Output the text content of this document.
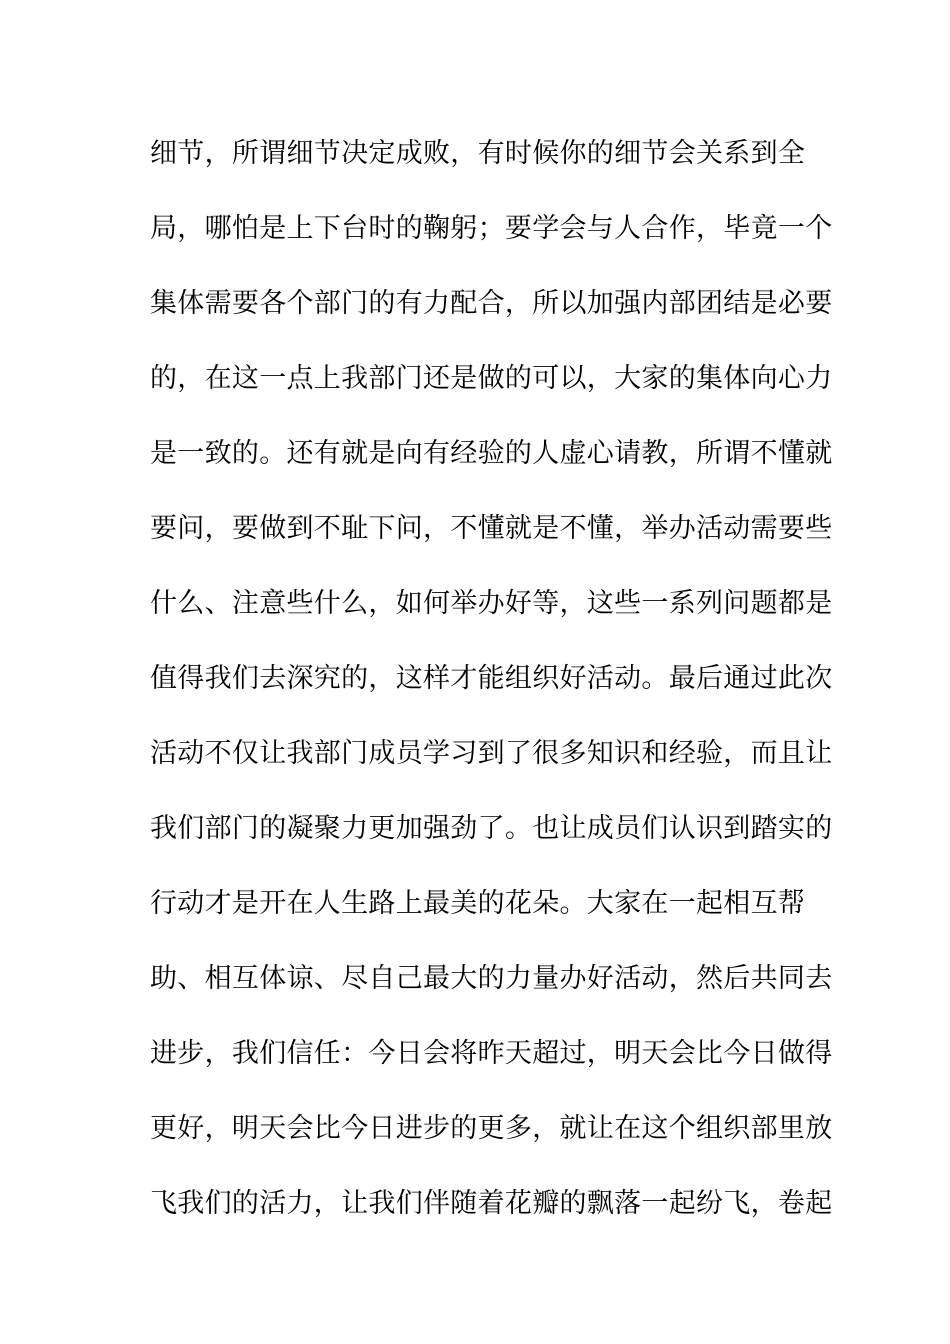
细节，所谓细节决定成败，有时候你的细节会关系到全
局，哪怕是上下台时的鞠躬；要学会与人合作，毕竟一个
集体需要各个部门的有力配合，所以加强内部团结是必要
的，在这一点上我部门还是做的可以，大家的集体向心力
是一致的。还有就是向有经验的人虚心请教，所谓不懂就
要问，要做到不耻下问，不懂就是不懂，举办活动需要些
什么、注意些什么，如何举办好等，这些一系列问题都是
值得我们去深究的，这样才能组织好活动。最后通过此次
活动不仅让我部门成员学习到了很多知识和经验，而且让
我们部门的凝聚力更加强劲了。也让成员们认识到踏实的
行动才是开在人生路上最美的花朵。大家在一起相互帮
助、相互体谅、尽自己最大的力量办好活动，然后共同去
进步，我们信任：今日会将昨天超过，明天会比今日做得
更好，明天会比今日进步的更多，就让在这个组织部里放
飞我们的活力，让我们伴随着花瓣的飘落一起纷飞，卷起
